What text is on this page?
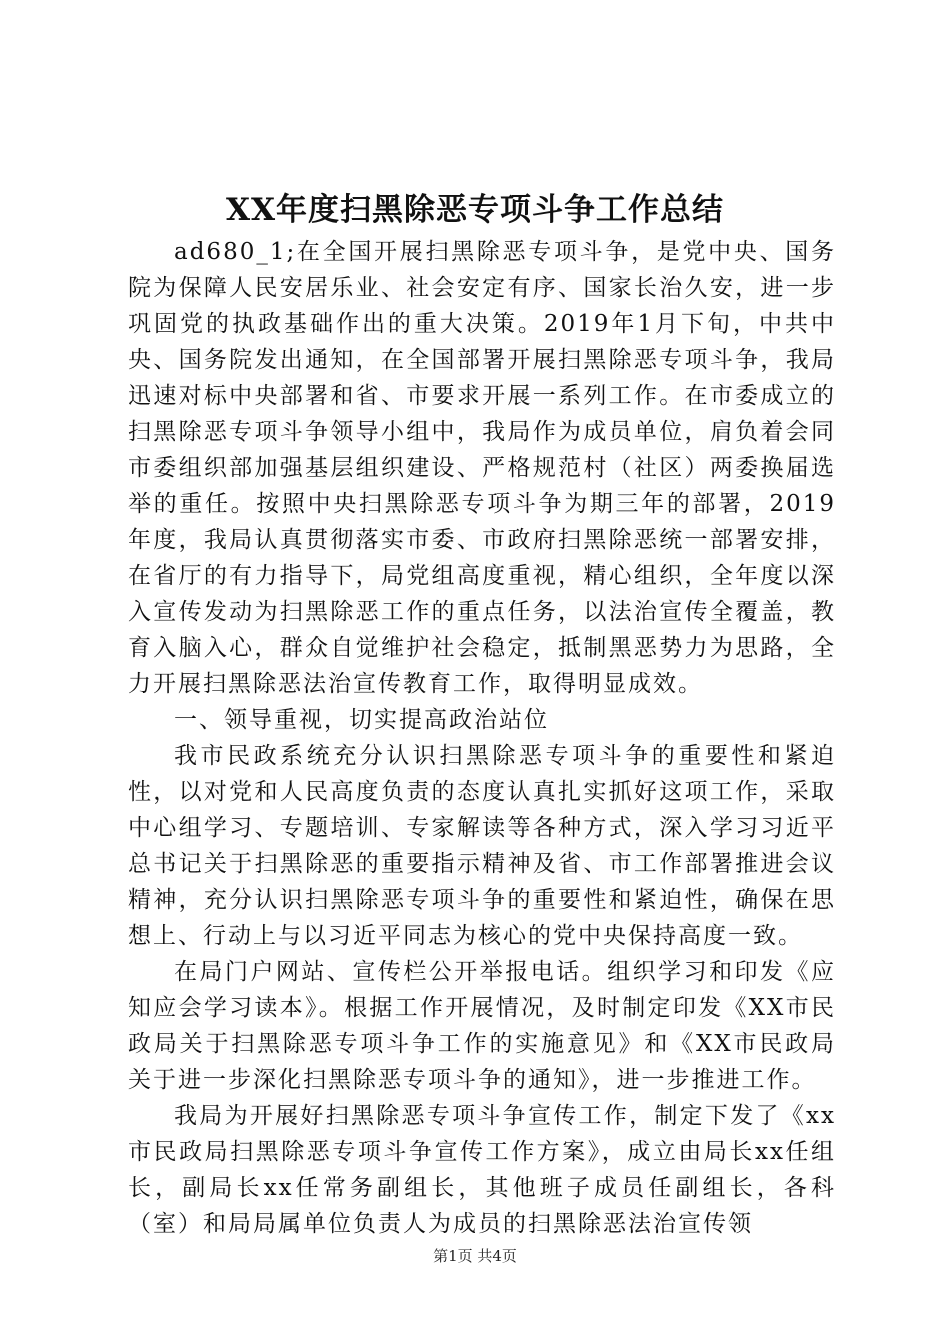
XX年度扫黑除恶专项斗争工作总结

ad680_1;在全国开展扫黑除恶专项斗争，是党中央、国务院为保障人民安居乐业、社会安定有序、国家长治久安，进一步巩固党的执政基础作出的重大决策。2019年1月下旬，中共中央、国务院发出通知，在全国部署开展扫黑除恶专项斗争，我局迅速对标中央部署和省、市要求开展一系列工作。在市委成立的扫黑除恶专项斗争领导小组中，我局作为成员单位，肩负着会同市委组织部加强基层组织建设、严格规范村（社区）两委换届选举的重任。按照中央扫黑除恶专项斗争为期三年的部署，2019年度，我局认真贯彻落实市委、市政府扫黑除恶统一部署安排，在省厅的有力指导下，局党组高度重视，精心组织，全年度以深入宣传发动为扫黑除恶工作的重点任务，以法治宣传全覆盖，教育入脑入心，群众自觉维护社会稳定，抵制黑恶势力为思路，全力开展扫黑除恶法治宣传教育工作，取得明显成效。

一、领导重视，切实提高政治站位

我市民政系统充分认识扫黑除恶专项斗争的重要性和紧迫性，以对党和人民高度负责的态度认真扎实抓好这项工作，采取中心组学习、专题培训、专家解读等各种方式，深入学习习近平总书记关于扫黑除恶的重要指示精神及省、市工作部署推进会议精神，充分认识扫黑除恶专项斗争的重要性和紧迫性，确保在思想上、行动上与以习近平同志为核心的党中央保持高度一致。

在局门户网站、宣传栏公开举报电话。组织学习和印发《应知应会学习读本》。根据工作开展情况，及时制定印发《XX市民政局关于扫黑除恶专项斗争工作的实施意见》和《XX市民政局关于进一步深化扫黑除恶专项斗争的通知》，进一步推进工作。

我局为开展好扫黑除恶专项斗争宣传工作，制定下发了《xx市民政局扫黑除恶专项斗争宣传工作方案》，成立由局长xx任组长，副局长xx任常务副组长，其他班子成员任副组长，各科（室）和局局属单位负责人为成员的扫黑除恶法治宣传领

第1页 共4页
